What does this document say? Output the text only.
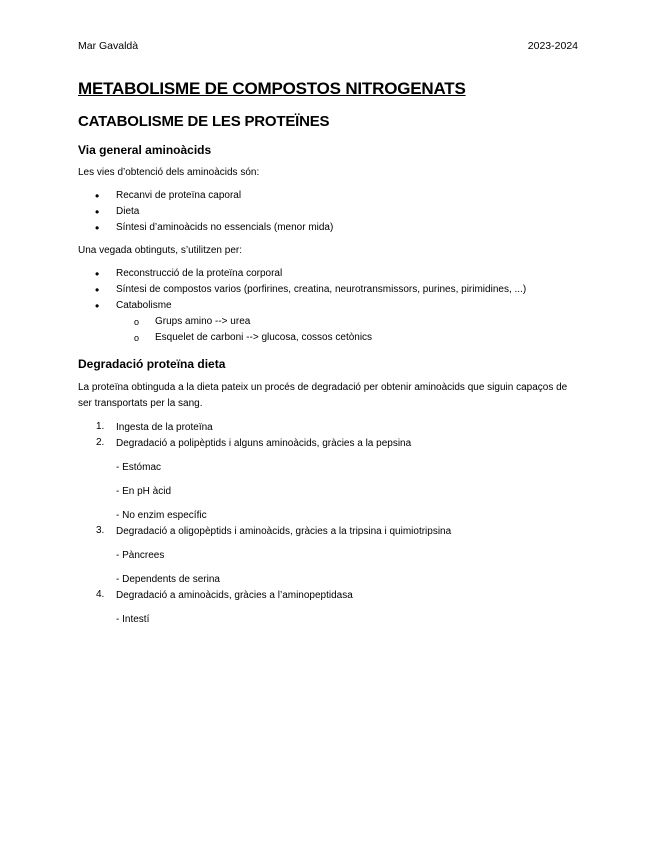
Mar Gavaldà	2023-2024
METABOLISME DE COMPOSTOS NITROGENATS
CATABOLISME DE LES PROTEÏNES
Via general aminoàcids

Les vies d’obtenció dels aminoàcids són:

• Recanvi de proteïna caporal
• Dieta
• Síntesi d’aminoàcids no essencials (menor mida)

Una vegada obtinguts, s’utilitzen per:

• Reconstrucció de la proteïna corporal
• Síntesi de compostos varios (porfirines, creatina, neurotransmissors, purines, pirimidines, ...)
• Catabolisme
o Grups amino --> urea
o Esquelet de carboni --> glucosa, cossos cetònics
Degradació proteïna dieta

La proteïna obtinguda a la dieta pateix un procés de degradació per obtenir aminoàcids que siguin capaços de ser transportats per la sang.

1. Ingesta de la proteïna
2. Degradació a polipèptids i alguns aminoàcids, gràcies a la pepsina
- Estómac
- En pH àcid
- No enzim específic
3. Degradació a oligopèptids i aminoàcids, gràcies a la tripsina i quimiotripsina
- Pàncrees
- Dependents de serina
4. Degradació a aminoàcids, gràcies a l’aminopeptidasa
- Intestí
